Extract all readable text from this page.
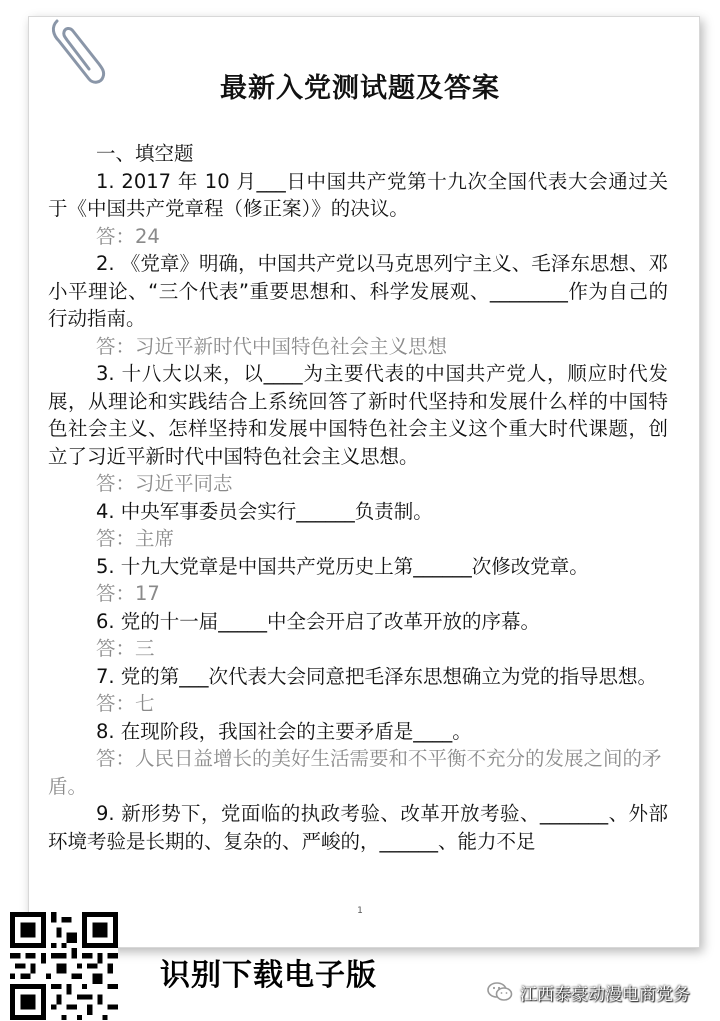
最新入党测试题及答案

一、填空题

1. 2017 年 10 月___日中国共产党第十九次全国代表大会通过关于《中国共产党章程（修正案）》的决议。

答：24

2. 《党章》明确，中国共产党以马克思列宁主义、毛泽东思想、邓小平理论、“三个代表”重要思想和、科学发展观、________作为自己的行动指南。

答：习近平新时代中国特色社会主义思想

3. 十八大以来，以____为主要代表的中国共产党人，顺应时代发展，从理论和实践结合上系统回答了新时代坚持和发展什么样的中国特色社会主义、怎样坚持和发展中国特色社会主义这个重大时代课题，创立了习近平新时代中国特色社会主义思想。

答：习近平同志

4. 中央军事委员会实行______负责制。

答：主席

5. 十九大党章是中国共产党历史上第______次修改党章。

答：17

6. 党的十一届_____中全会开启了改革开放的序幕。

答：三

7. 党的第___次代表大会同意把毛泽东思想确立为党的指导思想。

答：七

8. 在现阶段，我国社会的主要矛盾是____。

答：人民日益增长的美好生活需要和不平衡不充分的发展之间的矛盾。

9. 新形势下，党面临的执政考验、改革开放考验、_______、外部环境考验是长期的、复杂的、严峻的，______、能力不足

1
识别下载电子版
江西泰豪动漫电商党务
